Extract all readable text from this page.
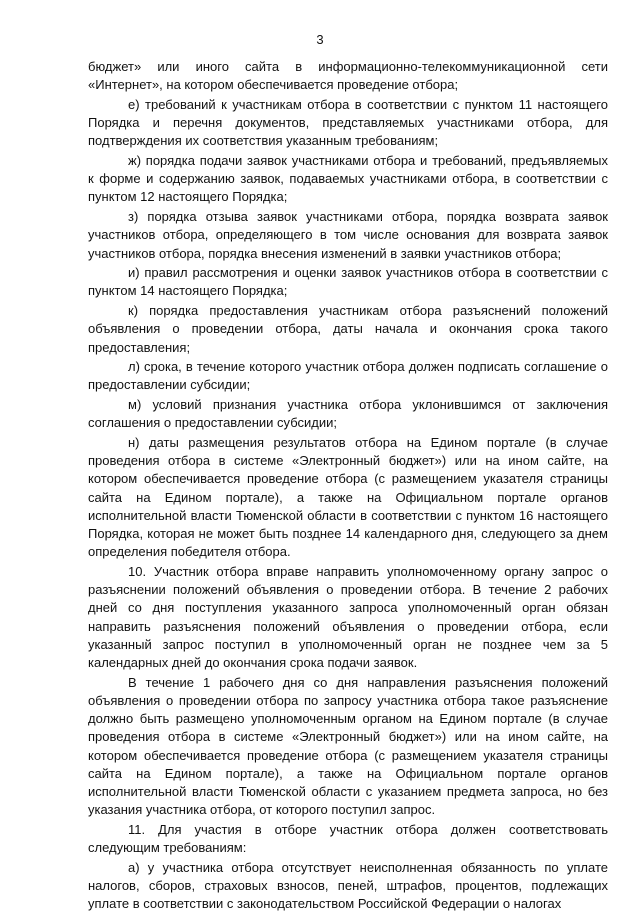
3

бюджет» или иного сайта в информационно-телекоммуникационной сети «Интернет», на котором обеспечивается проведение отбора;

е) требований к участникам отбора в соответствии с пунктом 11 настоящего Порядка и перечня документов, представляемых участниками отбора, для подтверждения их соответствия указанным требованиям;

ж) порядка подачи заявок участниками отбора и требований, предъявляемых к форме и содержанию заявок, подаваемых участниками отбора, в соответствии с пунктом 12 настоящего Порядка;

з) порядка отзыва заявок участниками отбора, порядка возврата заявок участников отбора, определяющего в том числе основания для возврата заявок участников отбора, порядка внесения изменений в заявки участников отбора;

и) правил рассмотрения и оценки заявок участников отбора в соответствии с пунктом 14 настоящего Порядка;

к) порядка предоставления участникам отбора разъяснений положений объявления о проведении отбора, даты начала и окончания срока такого предоставления;

л) срока, в течение которого участник отбора должен подписать соглашение о предоставлении субсидии;

м) условий признания участника отбора уклонившимся от заключения соглашения о предоставлении субсидии;

н) даты размещения результатов отбора на Едином портале (в случае проведения отбора в системе «Электронный бюджет») или на ином сайте, на котором обеспечивается проведение отбора (с размещением указателя страницы сайта на Едином портале), а также на Официальном портале органов исполнительной власти Тюменской области в соответствии с пунктом 16 настоящего Порядка, которая не может быть позднее 14 календарного дня, следующего за днем определения победителя отбора.

10. Участник отбора вправе направить уполномоченному органу запрос о разъяснении положений объявления о проведении отбора. В течение 2 рабочих дней со дня поступления указанного запроса уполномоченный орган обязан направить разъяснения положений объявления о проведении отбора, если указанный запрос поступил в уполномоченный орган не позднее чем за 5 календарных дней до окончания срока подачи заявок.

В течение 1 рабочего дня со дня направления разъяснения положений объявления о проведении отбора по запросу участника отбора такое разъяснение должно быть размещено уполномоченным органом на Едином портале (в случае проведения отбора в системе «Электронный бюджет») или на ином сайте, на котором обеспечивается проведение отбора (с размещением указателя страницы сайта на Едином портале), а также на Официальном портале органов исполнительной власти Тюменской области с указанием предмета запроса, но без указания участника отбора, от которого поступил запрос.

11. Для участия в отборе участник отбора должен соответствовать следующим требованиям:

а) у участника отбора отсутствует неисполненная обязанность по уплате налогов, сборов, страховых взносов, пеней, штрафов, процентов, подлежащих уплате в соответствии с законодательством Российской Федерации о налогах
